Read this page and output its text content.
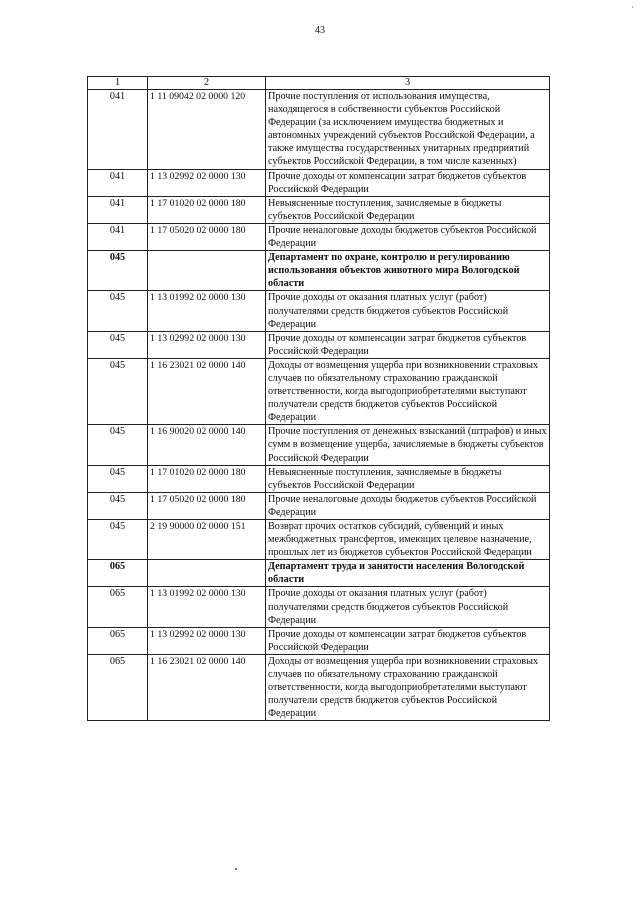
·
43
1	2	3
041	1 11 09042 02 0000 120	Прочие поступления от использования имущества, находящегося в собственности субъектов Российской Федерации (за исключением имущества бюджетных и автономных учреждений субъектов Российской Федерации, а также имущества государственных унитарных предприятий субъектов Российской Федерации, в том числе казенных)
041	1 13 02992 02 0000 130	Прочие доходы от компенсации затрат бюджетов субъектов Российской Федерации
041	1 17 01020 02 0000 180	Невыясненные поступления, зачисляемые в бюджеты субъектов Российской Федерации
041	1 17 05020 02 0000 180	Прочие неналоговые доходы бюджетов субъектов Российской Федерации
045		Департамент по охране, контролю и регулированию использования объектов животного мира Вологодской области
045	1 13 01992 02 0000 130	Прочие доходы от оказания платных услуг (работ) получателями средств бюджетов субъектов Российской Федерации
045	1 13 02992 02 0000 130	Прочие доходы от компенсации затрат бюджетов субъектов Российской Федерации
045	1 16 23021 02 0000 140	Доходы от возмещения ущерба при возникновении страховых случаев по обязательному страхованию гражданской ответственности, когда выгодоприобретателями выступают получатели средств бюджетов субъектов Российской Федерации
045	1 16 90020 02 0000 140	Прочие поступления от денежных взысканий (штрафов) и иных сумм в возмещение ущерба, зачисляемые в бюджеты субъектов Российской Федерации
045	1 17 01020 02 0000 180	Невыясненные поступления, зачисляемые в бюджеты субъектов Российской Федерации
045	1 17 05020 02 0000 180	Прочие неналоговые доходы бюджетов субъектов Российской Федерации
045	2 19 90000 02 0000 151	Возврат прочих остатков субсидий, субвенций и иных межбюджетных трансфертов, имеющих целевое назначение, прошлых лет из бюджетов субъектов Российской Федерации
065		Департамент труда и занятости населения Вологодской области
065	1 13 01992 02 0000 130	Прочие доходы от оказания платных услуг (работ) получателями средств бюджетов субъектов Российской Федерации
065	1 13 02992 02 0000 130	Прочие доходы от компенсации затрат бюджетов субъектов Российской Федерации
065	1 16 23021 02 0000 140	Доходы от возмещения ущерба при возникновении страховых случаев по обязательному страхованию гражданской ответственности, когда выгодоприобретателями выступают получатели средств бюджетов субъектов Российской Федерации
